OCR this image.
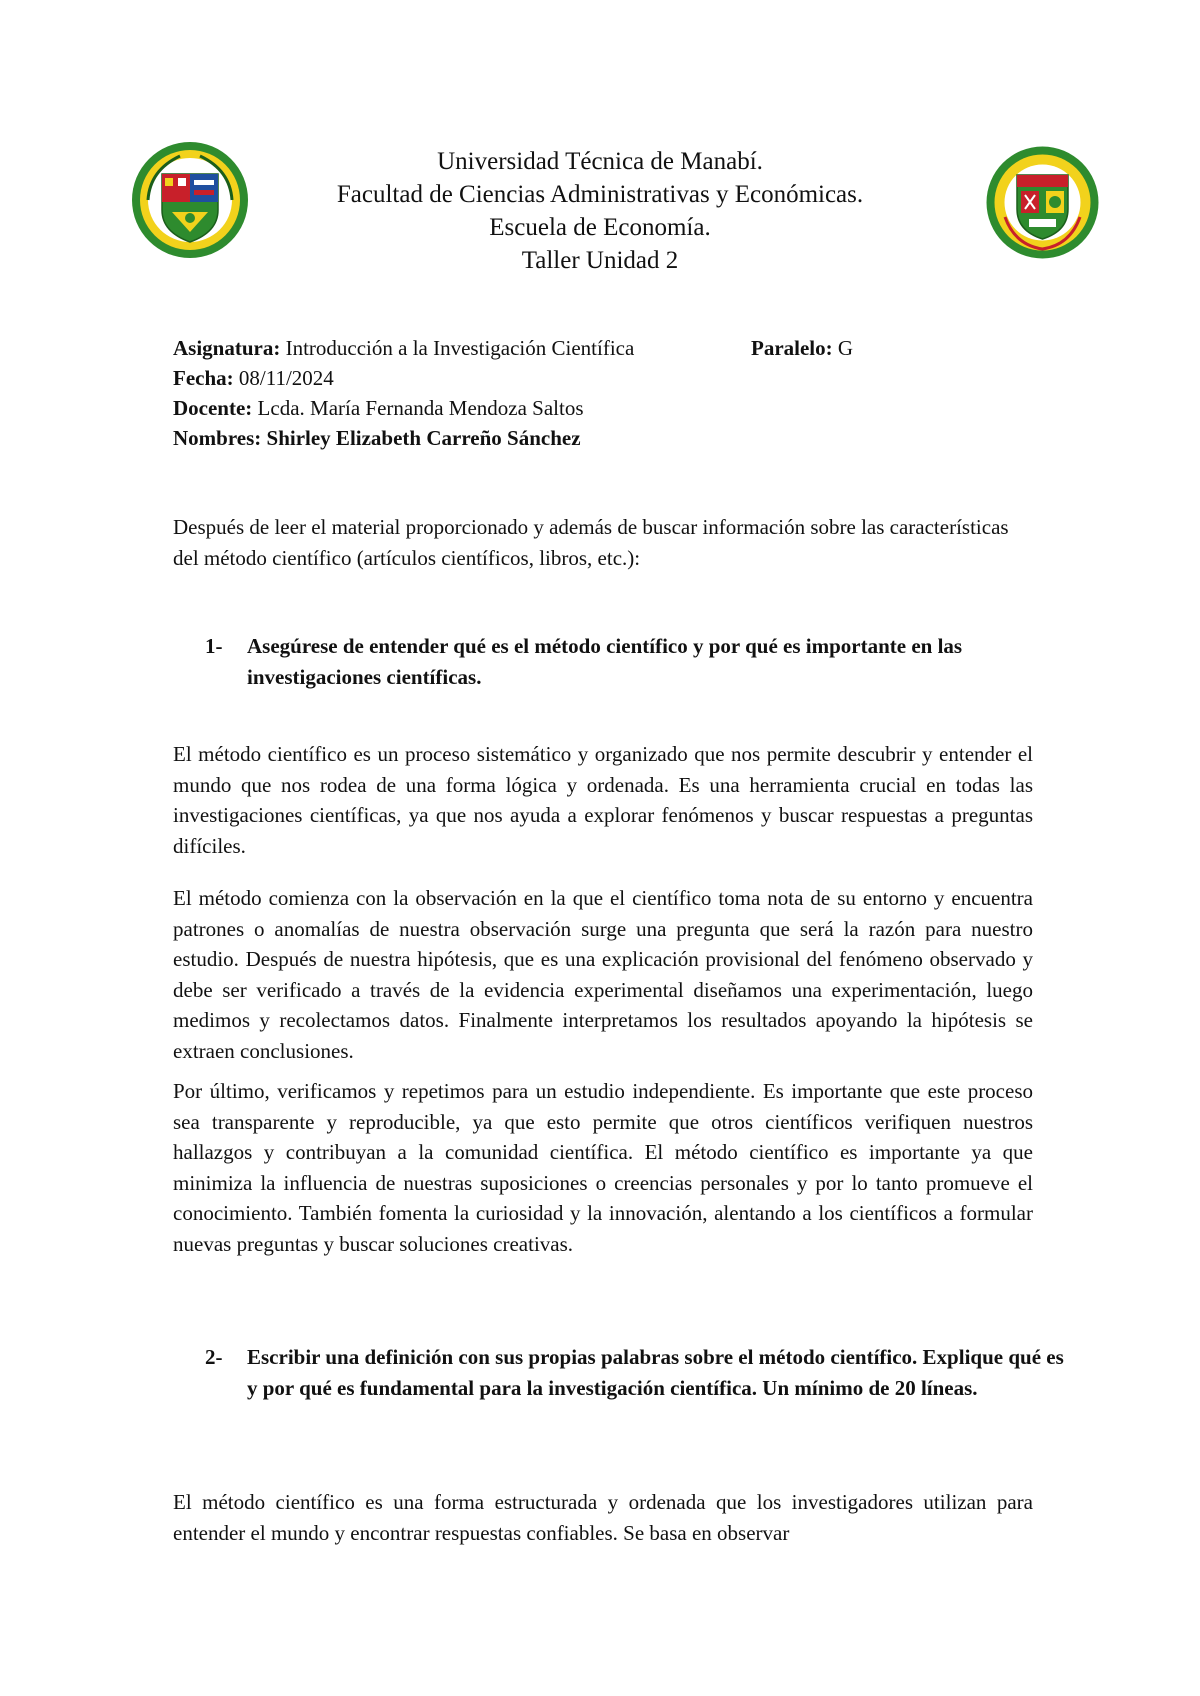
Universidad Técnica de Manabí.
Facultad de Ciencias Administrativas y Económicas.
Escuela de Economía.
Taller Unidad 2
Asignatura: Introducción a la Investigación Científica	Paralelo: G
Fecha: 08/11/2024
Docente: Lcda. María Fernanda Mendoza Saltos
Nombres: Shirley Elizabeth Carreño Sánchez
Después de leer el material proporcionado y además de buscar información sobre las características del método científico (artículos científicos, libros, etc.):
1- Asegúrese de entender qué es el método científico y por qué es importante en las investigaciones científicas.
El método científico es un proceso sistemático y organizado que nos permite descubrir y entender el mundo que nos rodea de una forma lógica y ordenada. Es una herramienta crucial en todas las investigaciones científicas, ya que nos ayuda a explorar fenómenos y buscar respuestas a preguntas difíciles.
El método comienza con la observación en la que el científico toma nota de su entorno y encuentra patrones o anomalías de nuestra observación surge una pregunta que será la razón para nuestro estudio. Después de nuestra hipótesis, que es una explicación provisional del fenómeno observado y debe ser verificado a través de la evidencia experimental diseñamos una experimentación, luego medimos y recolectamos datos. Finalmente interpretamos los resultados apoyando la hipótesis se extraen conclusiones.
Por último, verificamos y repetimos para un estudio independiente. Es importante que este proceso sea transparente y reproducible, ya que esto permite que otros científicos verifiquen nuestros hallazgos y contribuyan a la comunidad científica. El método científico es importante ya que minimiza la influencia de nuestras suposiciones o creencias personales y por lo tanto promueve el conocimiento. También fomenta la curiosidad y la innovación, alentando a los científicos a formular nuevas preguntas y buscar soluciones creativas.
2- Escribir una definición con sus propias palabras sobre el método científico. Explique qué es y por qué es fundamental para la investigación científica. Un mínimo de 20 líneas.
El método científico es una forma estructurada y ordenada que los investigadores utilizan para entender el mundo y encontrar respuestas confiables. Se basa en observar
